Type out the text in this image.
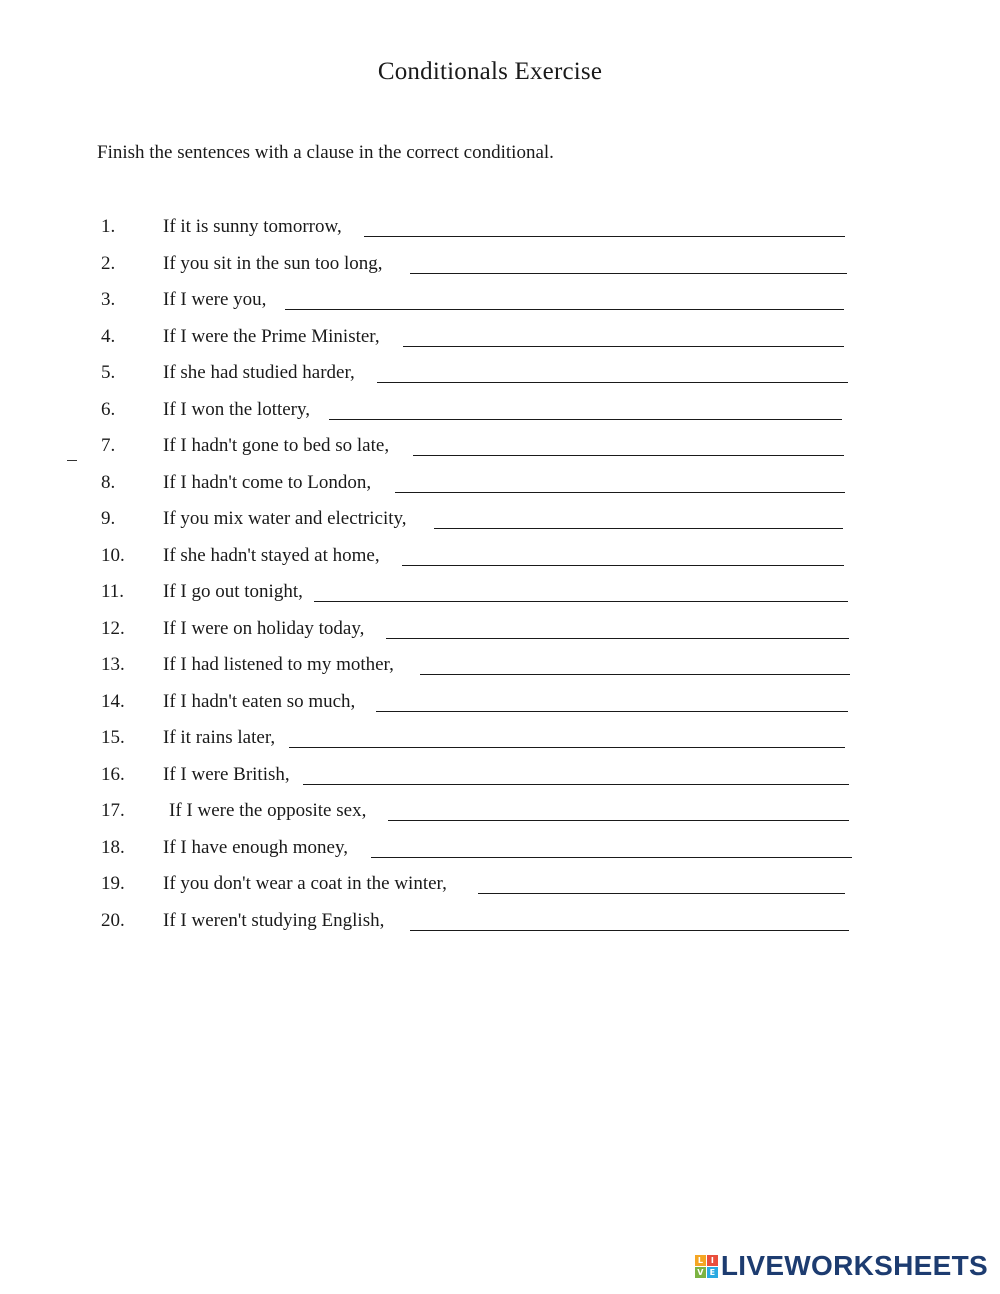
Conditionals Exercise
Finish the sentences with a clause in the correct conditional.
1.	If it is sunny tomorrow,
2.	If you sit in the sun too long,
3.	If I were you,
4.	If I were the Prime Minister,
5.	If she had studied harder,
6.	If I won the lottery,
7.	If I hadn't gone to bed so late,
8.	If I hadn't come to London,
9.	If you mix water and electricity,
10. If she hadn't stayed at home,
11. If I go out tonight,
12. If I were on holiday today,
13. If I had listened to my mother,
14. If I hadn't eaten so much,
15. If it rains later,
16. If I were British,
17. If I were the opposite sex,
18. If I have enough money,
19. If you don't wear a coat in the winter,
20. If I weren't studying English,
L I
V E LIVEWORKSHEETS
